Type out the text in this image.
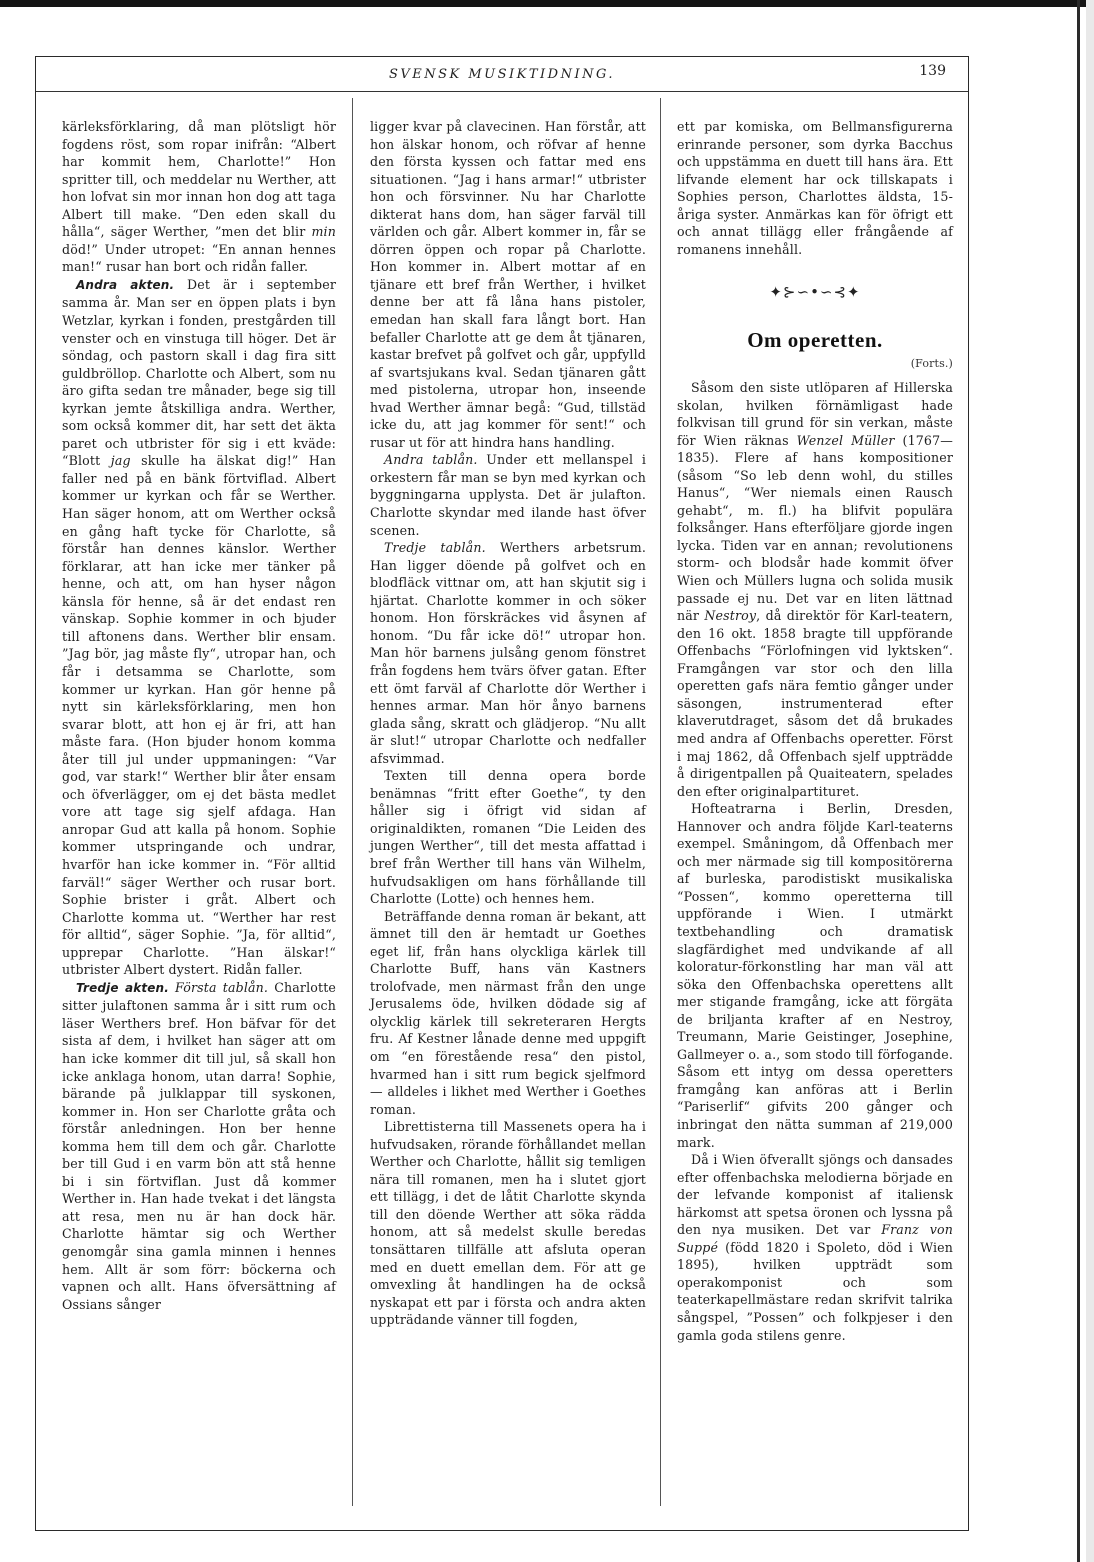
SVENSK MUSIKTIDNING.	139

kärleksförklaring, då man plötsligt hör fogdens röst, som ropar inifrån: “Albert har kommit hem, Charlotte!” Hon spritter till, och meddelar nu Werther, att hon lofvat sin mor innan hon dog att taga Albert till make. “Den eden skall du hålla“, säger Werther, ”men det blir min död!” Under utropet: “En annan hennes man!“ rusar han bort och ridån faller.

Andra akten. Det är i september samma år. Man ser en öppen plats i byn Wetzlar, kyrkan i fonden, prestgården till venster och en vinstuga till höger. Det är söndag, och pastorn skall i dag fira sitt guldbröllop. Charlotte och Albert, som nu äro gifta sedan tre månader, bege sig till kyrkan jemte åtskilliga andra. Werther, som också kommer dit, har sett det äkta paret och utbrister för sig i ett kväde: “Blott jag skulle ha älskat dig!” Han faller ned på en bänk förtviflad. Albert kommer ur kyrkan och får se Werther. Han säger honom, att om Werther också en gång haft tycke för Charlotte, så förstår han dennes känslor. Werther förklarar, att han icke mer tänker på henne, och att, om han hyser någon känsla för henne, så är det endast ren vänskap. Sophie kommer in och bjuder till aftonens dans. Werther blir ensam. ”Jag bör, jag måste fly“, utropar han, och får i detsamma se Charlotte, som kommer ur kyrkan. Han gör henne på nytt sin kärleksförklaring, men hon svarar blott, att hon ej är fri, att han måste fara. (Hon bjuder honom komma åter till jul under uppmaningen: “Var god, var stark!“ Werther blir åter ensam och öfverlägger, om ej det bästa medlet vore att tage sig sjelf afdaga. Han anropar Gud att kalla på honom. Sophie kommer utspringande och undrar, hvarför han icke kommer in. “För alltid farväl!“ säger Werther och rusar bort. Sophie brister i gråt. Albert och Charlotte komma ut. “Werther har rest för alltid“, säger Sophie. ”Ja, för alltid“, upprepar Charlotte. ”Han älskar!“ utbrister Albert dystert. Ridån faller.

Tredje akten. Första tablån. Charlotte sitter julaftonen samma år i sitt rum och läser Werthers bref. Hon bäfvar för det sista af dem, i hvilket han säger att om han icke kommer dit till jul, så skall hon icke anklaga honom, utan darra! Sophie, bärande på julklappar till syskonen, kommer in. Hon ser Charlotte gråta och förstår anledningen. Hon ber henne komma hem till dem och går. Charlotte ber till Gud i en varm bön att stå henne bi i sin förtviflan. Just då kommer Werther in. Han hade tvekat i det längsta att resa, men nu är han dock här. Charlotte hämtar sig och Werther genomgår sina gamla minnen i hennes hem. Allt är som förr: böckerna och vapnen och allt. Hans öfversättning af Ossians sånger

ligger kvar på clavecinen. Han förstår, att hon älskar honom, och röfvar af henne den första kyssen och fattar med ens situationen. “Jag i hans armar!“ utbrister hon och försvinner. Nu har Charlotte dikterat hans dom, han säger farväl till världen och går. Albert kommer in, får se dörren öppen och ropar på Charlotte. Hon kommer in. Albert mottar af en tjänare ett bref från Werther, i hvilket denne ber att få låna hans pistoler, emedan han skall fara långt bort. Han befaller Charlotte att ge dem åt tjänaren, kastar brefvet på golfvet och går, uppfylld af svartsjukans kval. Sedan tjänaren gått med pistolerna, utropar hon, inseende hvad Werther ämnar begå: “Gud, tillstäd icke du, att jag kommer för sent!“ och rusar ut för att hindra hans handling.

Andra tablån. Under ett mellanspel i orkestern får man se byn med kyrkan och byggningarna upplysta. Det är julafton. Charlotte skyndar med ilande hast öfver scenen.

Tredje tablån. Werthers arbetsrum. Han ligger döende på golfvet och en blodfläck vittnar om, att han skjutit sig i hjärtat. Charlotte kommer in och söker honom. Hon förskräckes vid åsynen af honom. “Du får icke dö!“ utropar hon. Man hör barnens julsång genom fönstret från fogdens hem tvärs öfver gatan. Efter ett ömt farväl af Charlotte dör Werther i hennes armar. Man hör ånyo barnens glada sång, skratt och glädjerop. “Nu allt är slut!“ utropar Charlotte och nedfaller afsvimmad.

Texten till denna opera borde benämnas “fritt efter Goethe“, ty den håller sig i öfrigt vid sidan af originaldikten, romanen “Die Leiden des jungen Werther“, till det mesta affattad i bref från Werther till hans vän Wilhelm, hufvudsakligen om hans förhållande till Charlotte (Lotte) och hennes hem.

Beträffande denna roman är bekant, att ämnet till den är hemtadt ur Goethes eget lif, från hans olyckliga kärlek till Charlotte Buff, hans vän Kastners trolofvade, men närmast från den unge Jerusalems öde, hvilken dödade sig af olycklig kärlek till sekreteraren Hergts fru. Af Kestner lånade denne med uppgift om “en förestående resa“ den pistol, hvarmed han i sitt rum begick sjelfmord — alldeles i likhet med Werther i Goethes roman.

Librettisterna till Massenets opera ha i hufvudsaken, rörande förhållandet mellan Werther och Charlotte, hållit sig temligen nära till romanen, men ha i slutet gjort ett tillägg, i det de låtit Charlotte skynda till den döende Werther att söka rädda honom, att så medelst skulle beredas tonsättaren tillfälle att afsluta operan med en duett emellan dem. För att ge omvexling åt handlingen ha de också nyskapat ett par i första och andra akten uppträdande vänner till fogden,

ett par komiska, om Bellmansfigurerna erinrande personer, som dyrka Bacchus och uppstämma en duett till hans ära. Ett lifvande element har ock tillskapats i Sophies person, Charlottes äldsta, 15-åriga syster. Anmärkas kan för öfrigt ett och annat tillägg eller frångående af romanens innehåll.

✦⊱∽•∽⊰✦
Om operetten.
(Forts.)

Såsom den siste utlöparen af Hillerska skolan, hvilken förnämligast hade folkvisan till grund för sin verkan, måste för Wien räknas Wenzel Müller (1767—1835). Flere af hans kompositioner (såsom “So leb denn wohl, du stilles Hanus“, “Wer niemals einen Rausch gehabt“, m. fl.) ha blifvit populära folksånger. Hans efterföljare gjorde ingen lycka. Tiden var en annan; revolutionens storm- och blodsår hade kommit öfver Wien och Müllers lugna och solida musik passade ej nu. Det var en liten lättnad när Nestroy, då direktör för Karl-teatern, den 16 okt. 1858 bragte till uppförande Offenbachs “Förlofningen vid lyktsken“. Framgången var stor och den lilla operetten gafs nära femtio gånger under säsongen, instrumenterad efter klaverutdraget, såsom det då brukades med andra af Offenbachs operetter. Först i maj 1862, då Offenbach sjelf uppträdde å dirigentpallen på Quaiteatern, spelades den efter originalpartituret.

Hofteatrarna i Berlin, Dresden, Hannover och andra följde Karl-teaterns exempel. Småningom, då Offenbach mer och mer närmade sig till kompositörerna af burleska, parodistiskt musikaliska “Possen“, kommo operetterna till uppförande i Wien. I utmärkt textbehandling och dramatisk slagfärdighet med undvikande af all koloratur-förkonstling har man väl att söka den Offenbachska operettens allt mer stigande framgång, icke att förgäta de briljanta krafter af en Nestroy, Treumann, Marie Geistinger, Josephine, Gallmeyer o. a., som stodo till förfogande. Såsom ett intyg om dessa operetters framgång kan anföras att i Berlin “Pariserlif“ gifvits 200 gånger och inbringat den nätta summan af 219,000 mark.

Då i Wien öfverallt sjöngs och dansades efter offenbachska melodierna började en der lefvande komponist af italiensk härkomst att spetsa öronen och lyssna på den nya musiken. Det var Franz von Suppé (född 1820 i Spoleto, död i Wien 1895), hvilken uppträdt som operakomponist och som teaterkapellmästare redan skrifvit talrika sångspel, ”Possen” och folkpjeser i den gamla goda stilens genre.
